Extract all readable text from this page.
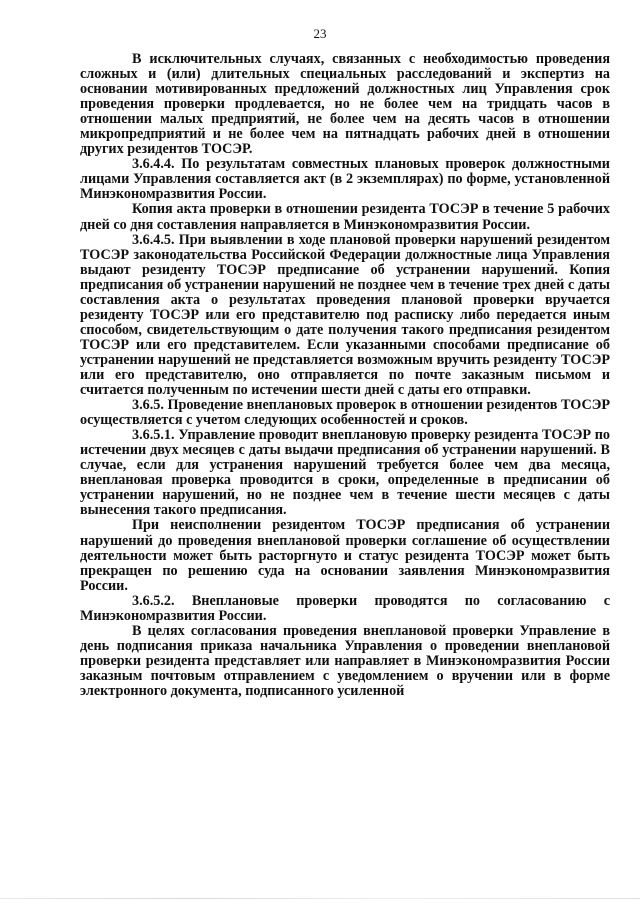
23

В исключительных случаях, связанных с необходимостью проведения сложных и (или) длительных специальных расследований и экспертиз на основании мотивированных предложений должностных лиц Управления срок проведения проверки продлевается, но не более чем на тридцать часов в отношении малых предприятий, не более чем на десять часов в отношении микропредприятий и не более чем на пятнадцать рабочих дней в отношении других резидентов ТОСЭР.

3.6.4.4. По результатам совместных плановых проверок должностными лицами Управления составляется акт (в 2 экземплярах) по форме, установленной Минэкономразвития России.

Копия акта проверки в отношении резидента ТОСЭР в течение 5 рабочих дней со дня составления направляется в Минэкономразвития России.

3.6.4.5. При выявлении в ходе плановой проверки нарушений резидентом ТОСЭР законодательства Российской Федерации должностные лица Управления выдают резиденту ТОСЭР предписание об устранении нарушений. Копия предписания об устранении нарушений не позднее чем в течение трех дней с даты составления акта о результатах проведения плановой проверки вручается резиденту ТОСЭР или его представителю под расписку либо передается иным способом, свидетельствующим о дате получения такого предписания резидентом ТОСЭР или его представителем. Если указанными способами предписание об устранении нарушений не представляется возможным вручить резиденту ТОСЭР или его представителю, оно отправляется по почте заказным письмом и считается полученным по истечении шести дней с даты его отправки.

3.6.5. Проведение внеплановых проверок в отношении резидентов ТОСЭР осуществляется с учетом следующих особенностей и сроков.

3.6.5.1. Управление проводит внеплановую проверку резидента ТОСЭР по истечении двух месяцев с даты выдачи предписания об устранении нарушений. В случае, если для устранения нарушений требуется более чем два месяца, внеплановая проверка проводится в сроки, определенные в предписании об устранении нарушений, но не позднее чем в течение шести месяцев с даты вынесения такого предписания.

При неисполнении резидентом ТОСЭР предписания об устранении нарушений до проведения внеплановой проверки соглашение об осуществлении деятельности может быть расторгнуто и статус резидента ТОСЭР может быть прекращен по решению суда на основании заявления Минэкономразвития России.

3.6.5.2. Внеплановые проверки проводятся по согласованию с Минэкономразвития России.

В целях согласования проведения внеплановой проверки Управление в день подписания приказа начальника Управления о проведении внеплановой проверки резидента представляет или направляет в Минэкономразвития России заказным почтовым отправлением с уведомлением о вручении или в форме электронного документа, подписанного усиленной
